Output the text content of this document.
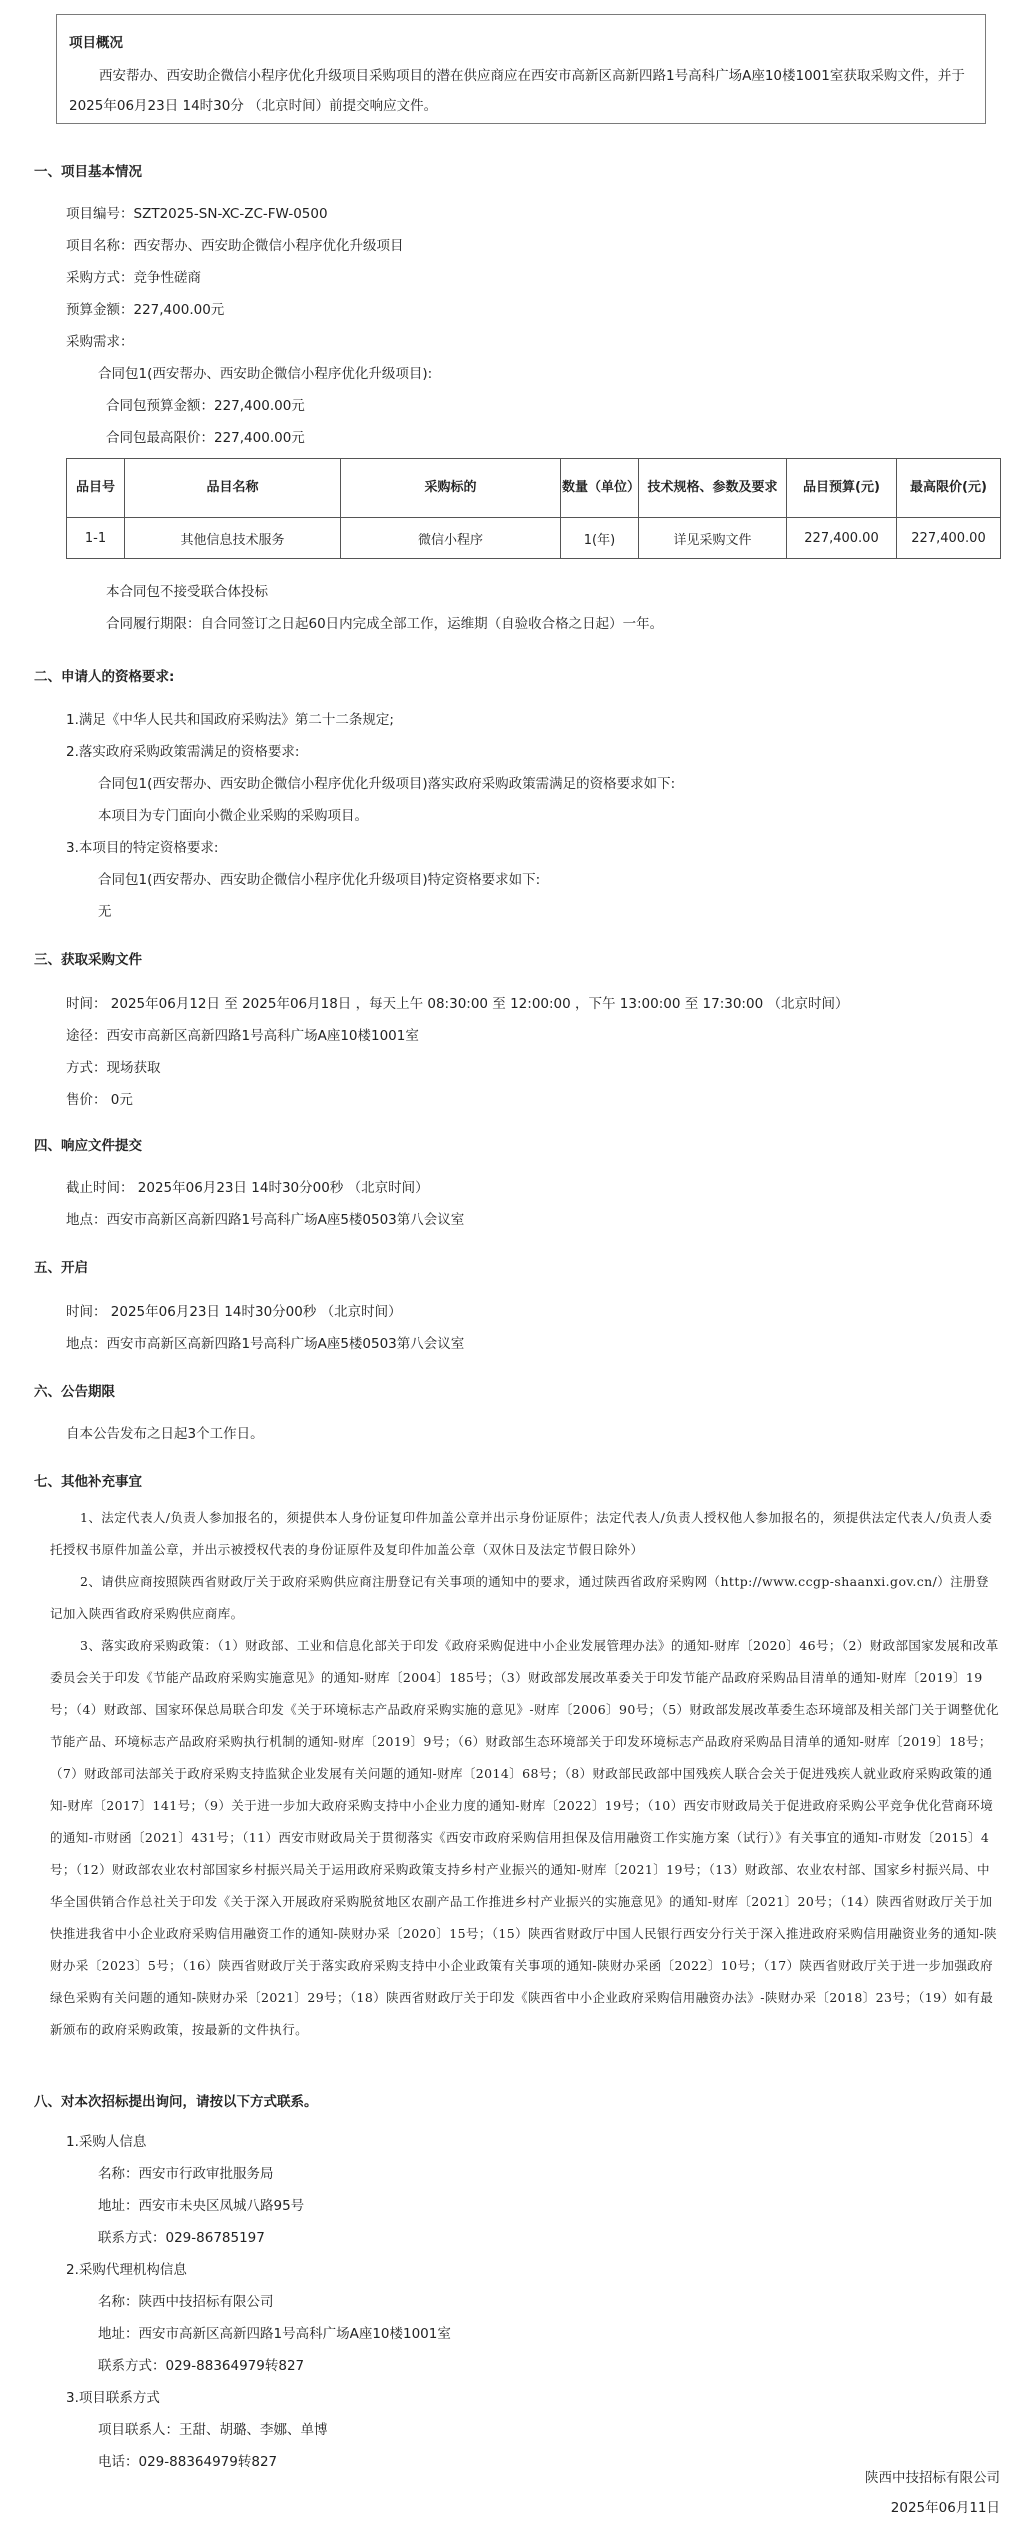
项目概况
西安帮办、西安助企微信小程序优化升级项目采购项目的潜在供应商应在西安市高新区高新四路1号高科广场A座10楼1001室获取采购文件，并于 2025年06月23日 14时30分 （北京时间）前提交响应文件。
一、项目基本情况
项目编号：SZT2025-SN-XC-ZC-FW-0500
项目名称：西安帮办、西安助企微信小程序优化升级项目
采购方式：竞争性磋商
预算金额：227,400.00元
采购需求：
合同包1(西安帮办、西安助企微信小程序优化升级项目):
合同包预算金额：227,400.00元
合同包最高限价：227,400.00元
品目号	品目名称	采购标的	数量（单位）	技术规格、参数及要求	品目预算(元)	最高限价(元)
1-1	其他信息技术服务	微信小程序	1(年)	详见采购文件	227,400.00	227,400.00
本合同包不接受联合体投标
合同履行期限：自合同签订之日起60日内完成全部工作，运维期（自验收合格之日起）一年。
二、申请人的资格要求:
1.满足《中华人民共和国政府采购法》第二十二条规定;
2.落实政府采购政策需满足的资格要求:
合同包1(西安帮办、西安助企微信小程序优化升级项目)落实政府采购政策需满足的资格要求如下:
本项目为专门面向小微企业采购的采购项目。
3.本项目的特定资格要求:
合同包1(西安帮办、西安助企微信小程序优化升级项目)特定资格要求如下:
无
三、获取采购文件
时间： 2025年06月12日 至 2025年06月18日 ，每天上午 08:30:00 至 12:00:00 ，下午 13:00:00 至 17:30:00 （北京时间）
途径：西安市高新区高新四路1号高科广场A座10楼1001室
方式：现场获取
售价： 0元
四、响应文件提交
截止时间： 2025年06月23日 14时30分00秒 （北京时间）
地点：西安市高新区高新四路1号高科广场A座5楼0503第八会议室
五、开启
时间： 2025年06月23日 14时30分00秒 （北京时间）
地点：西安市高新区高新四路1号高科广场A座5楼0503第八会议室
六、公告期限
自本公告发布之日起3个工作日。
七、其他补充事宜

1、法定代表人/负责人参加报名的，须提供本人身份证复印件加盖公章并出示身份证原件；法定代表人/负责人授权他人参加报名的，须提供法定代表人/负责人委托授权书原件加盖公章，并出示被授权代表的身份证原件及复印件加盖公章（双休日及法定节假日除外）

2、请供应商按照陕西省财政厅关于政府采购供应商注册登记有关事项的通知中的要求，通过陕西省政府采购网（http://www.ccgp-shaanxi.gov.cn/）注册登记加入陕西省政府采购供应商库。

3、落实政府采购政策：（1）财政部、工业和信息化部关于印发《政府采购促进中小企业发展管理办法》的通知-财库〔2020〕46号；（2）财政部国家发展和改革委员会关于印发《节能产品政府采购实施意见》的通知-财库〔2004〕185号；（3）财政部发展改革委关于印发节能产品政府采购品目清单的通知-财库〔2019〕19号；（4）财政部、国家环保总局联合印发《关于环境标志产品政府采购实施的意见》-财库〔2006〕90号；（5）财政部发展改革委生态环境部及相关部门关于调整优化节能产品、环境标志产品政府采购执行机制的通知-财库〔2019〕9号；（6）财政部生态环境部关于印发环境标志产品政府采购品目清单的通知-财库〔2019〕18号；（7）财政部司法部关于政府采购支持监狱企业发展有关问题的通知-财库〔2014〕68号；（8）财政部民政部中国残疾人联合会关于促进残疾人就业政府采购政策的通知-财库〔2017〕141号；（9）关于进一步加大政府采购支持中小企业力度的通知-财库〔2022〕19号；（10）西安市财政局关于促进政府采购公平竞争优化营商环境的通知-市财函〔2021〕431号；（11）西安市财政局关于贯彻落实《西安市政府采购信用担保及信用融资工作实施方案（试行）》有关事宜的通知-市财发〔2015〕4号；（12）财政部农业农村部国家乡村振兴局关于运用政府采购政策支持乡村产业振兴的通知-财库〔2021〕19号；（13）财政部、农业农村部、国家乡村振兴局、中华全国供销合作总社关于印发《关于深入开展政府采购脱贫地区农副产品工作推进乡村产业振兴的实施意见》的通知-财库〔2021〕20号；（14）陕西省财政厅关于加快推进我省中小企业政府采购信用融资工作的通知-陕财办采〔2020〕15号；（15）陕西省财政厅中国人民银行西安分行关于深入推进政府采购信用融资业务的通知-陕财办采〔2023〕5号；（16）陕西省财政厅关于落实政府采购支持中小企业政策有关事项的通知-陕财办采函〔2022〕10号；（17）陕西省财政厅关于进一步加强政府绿色采购有关问题的通知-陕财办采〔2021〕29号；（18）陕西省财政厅关于印发《陕西省中小企业政府采购信用融资办法》-陕财办采〔2018〕23号；（19）如有最新颁布的政府采购政策，按最新的文件执行。

八、对本次招标提出询问，请按以下方式联系。
1.采购人信息
名称：西安市行政审批服务局
地址：西安市未央区凤城八路95号
联系方式：029-86785197
2.采购代理机构信息
名称：陕西中技招标有限公司
地址：西安市高新区高新四路1号高科广场A座10楼1001室
联系方式：029-88364979转827
3.项目联系方式
项目联系人：王甜、胡璐、李娜、单博
电话：029-88364979转827
陕西中技招标有限公司
2025年06月11日
